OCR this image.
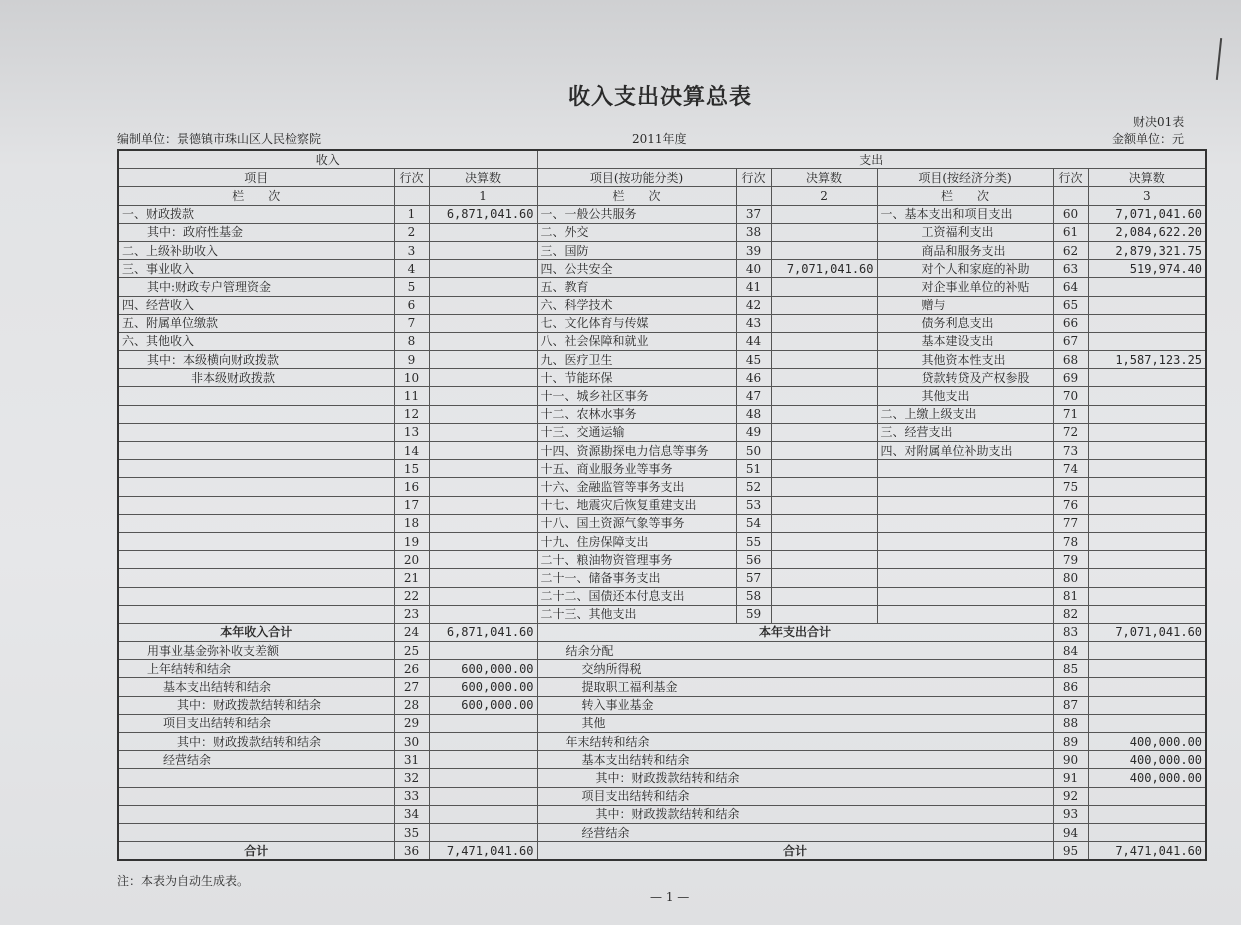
收入支出决算总表
财决01表
编制单位：景德镇市珠山区人民检察院	2011年度	金额单位：元
收入			支出					
项目	行次	决算数	项目(按功能分类)	行次	决算数	项目(按经济分类)	行次	决算数
栏　　次		1	栏　　次		2	栏　　次		3
一、财政拨款	1	6,871,041.60	一、一般公共服务	37		一、基本支出和项目支出	60	7,071,041.60
其中：政府性基金	2		二、外交	38		工资福利支出	61	2,084,622.20
二、上级补助收入	3		三、国防	39		商品和服务支出	62	2,879,321.75
三、事业收入	4		四、公共安全	40	7,071,041.60	对个人和家庭的补助	63	519,974.40
其中:财政专户管理资金	5		五、教育	41		对企事业单位的补贴	64	
四、经营收入	6		六、科学技术	42		赠与	65	
五、附属单位缴款	7		七、文化体育与传媒	43		债务利息支出	66	
六、其他收入	8		八、社会保障和就业	44		基本建设支出	67	
其中：本级横向财政拨款	9		九、医疗卫生	45		其他资本性支出	68	1,587,123.25
非本级财政拨款	10		十、节能环保	46		贷款转贷及产权参股	69	
	11		十一、城乡社区事务	47		其他支出	70	
	12		十二、农林水事务	48		二、上缴上级支出	71	
	13		十三、交通运输	49		三、经营支出	72	
	14		十四、资源勘探电力信息等事务	50		四、对附属单位补助支出	73	
	15		十五、商业服务业等事务	51			74	
	16		十六、金融监管等事务支出	52			75	
	17		十七、地震灾后恢复重建支出	53			76	
	18		十八、国土资源气象等事务	54			77	
	19		十九、住房保障支出	55			78	
	20		二十、粮油物资管理事务	56			79	
	21		二十一、储备事务支出	57			80	
	22		二十二、国债还本付息支出	58			81	
	23		二十三、其他支出	59			82	
本年收入合计	24	6,871,041.60	本年支出合计				83	7,071,041.60
用事业基金弥补收支差额	25		结余分配				84	
上年结转和结余	26	600,000.00	交纳所得税				85	
基本支出结转和结余	27	600,000.00	提取职工福利基金				86	
其中：财政拨款结转和结余	28	600,000.00	转入事业基金				87	
项目支出结转和结余	29		其他				88	
其中：财政拨款结转和结余	30		年末结转和结余				89	400,000.00
经营结余	31		基本支出结转和结余				90	400,000.00
	32		其中：财政拨款结转和结余				91	400,000.00
	33		项目支出结转和结余				92	
	34		其中：财政拨款结转和结余				93	
	35		经营结余				94	
合计	36	7,471,041.60	合计				95	7,471,041.60
注：本表为自动生成表。
— 1 —
